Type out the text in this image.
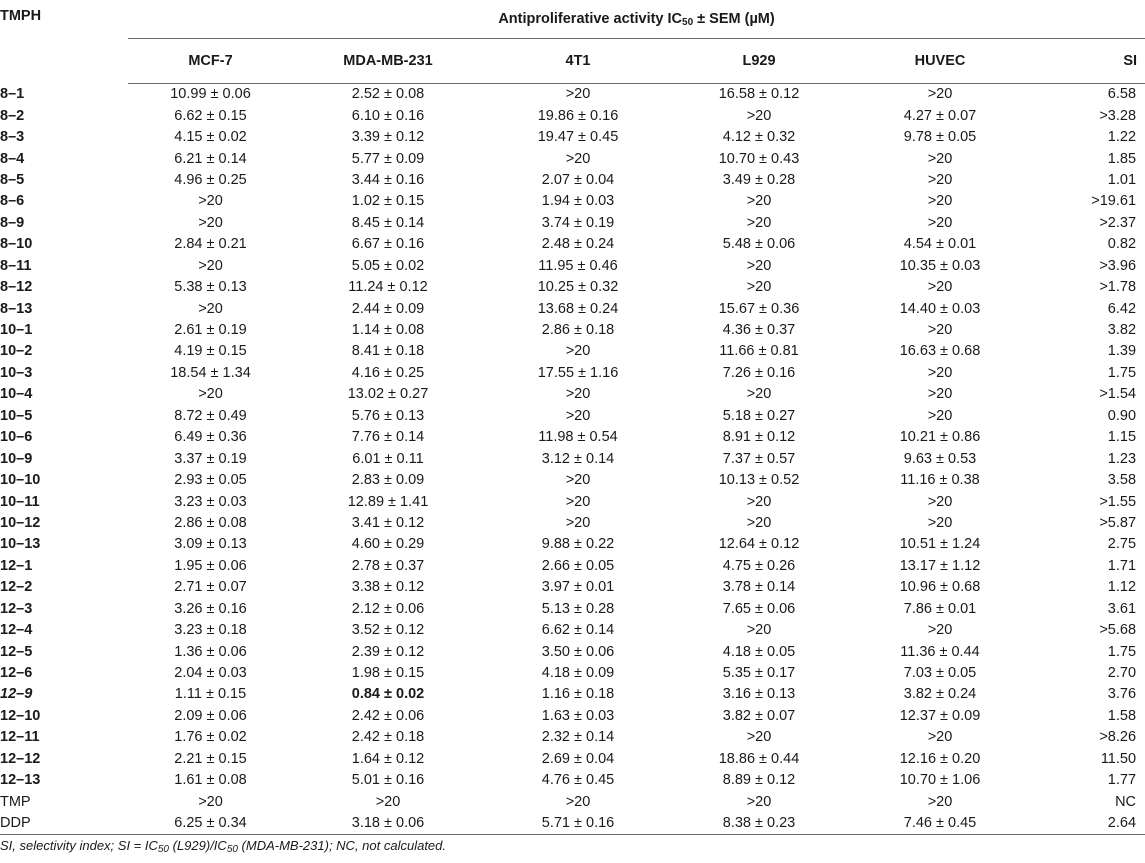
TMPH	Antiproliferative activity $IC_{50}$ ± SEM (µM)					
	MCF-7	MDA-MB-231	4T1	L929	HUVEC	SI
8–1	10.99 ± 0.06	2.52 ± 0.08	>20	16.58 ± 0.12	>20	6.58
8–2	6.62 ± 0.15	6.10 ± 0.16	19.86 ± 0.16	>20	4.27 ± 0.07	>3.28
8–3	4.15 ± 0.02	3.39 ± 0.12	19.47 ± 0.45	4.12 ± 0.32	9.78 ± 0.05	1.22
8–4	6.21 ± 0.14	5.77 ± 0.09	>20	10.70 ± 0.43	>20	1.85
8–5	4.96 ± 0.25	3.44 ± 0.16	2.07 ± 0.04	3.49 ± 0.28	>20	1.01
8–6	>20	1.02 ± 0.15	1.94 ± 0.03	>20	>20	>19.61
8–9	>20	8.45 ± 0.14	3.74 ± 0.19	>20	>20	>2.37
8–10	2.84 ± 0.21	6.67 ± 0.16	2.48 ± 0.24	5.48 ± 0.06	4.54 ± 0.01	0.82
8–11	>20	5.05 ± 0.02	11.95 ± 0.46	>20	10.35 ± 0.03	>3.96
8–12	5.38 ± 0.13	11.24 ± 0.12	10.25 ± 0.32	>20	>20	>1.78
8–13	>20	2.44 ± 0.09	13.68 ± 0.24	15.67 ± 0.36	14.40 ± 0.03	6.42
10–1	2.61 ± 0.19	1.14 ± 0.08	2.86 ± 0.18	4.36 ± 0.37	>20	3.82
10–2	4.19 ± 0.15	8.41 ± 0.18	>20	11.66 ± 0.81	16.63 ± 0.68	1.39
10–3	18.54 ± 1.34	4.16 ± 0.25	17.55 ± 1.16	7.26 ± 0.16	>20	1.75
10–4	>20	13.02 ± 0.27	>20	>20	>20	>1.54
10–5	8.72 ± 0.49	5.76 ± 0.13	>20	5.18 ± 0.27	>20	0.90
10–6	6.49 ± 0.36	7.76 ± 0.14	11.98 ± 0.54	8.91 ± 0.12	10.21 ± 0.86	1.15
10–9	3.37 ± 0.19	6.01 ± 0.11	3.12 ± 0.14	7.37 ± 0.57	9.63 ± 0.53	1.23
10–10	2.93 ± 0.05	2.83 ± 0.09	>20	10.13 ± 0.52	11.16 ± 0.38	3.58
10–11	3.23 ± 0.03	12.89 ± 1.41	>20	>20	>20	>1.55
10–12	2.86 ± 0.08	3.41 ± 0.12	>20	>20	>20	>5.87
10–13	3.09 ± 0.13	4.60 ± 0.29	9.88 ± 0.22	12.64 ± 0.12	10.51 ± 1.24	2.75
12–1	1.95 ± 0.06	2.78 ± 0.37	2.66 ± 0.05	4.75 ± 0.26	13.17 ± 1.12	1.71
12–2	2.71 ± 0.07	3.38 ± 0.12	3.97 ± 0.01	3.78 ± 0.14	10.96 ± 0.68	1.12
12–3	3.26 ± 0.16	2.12 ± 0.06	5.13 ± 0.28	7.65 ± 0.06	7.86 ± 0.01	3.61
12–4	3.23 ± 0.18	3.52 ± 0.12	6.62 ± 0.14	>20	>20	>5.68
12–5	1.36 ± 0.06	2.39 ± 0.12	3.50 ± 0.06	4.18 ± 0.05	11.36 ± 0.44	1.75
12–6	2.04 ± 0.03	1.98 ± 0.15	4.18 ± 0.09	5.35 ± 0.17	7.03 ± 0.05	2.70
12–9	1.11 ± 0.15	0.84 ± 0.02	1.16 ± 0.18	3.16 ± 0.13	3.82 ± 0.24	3.76
12–10	2.09 ± 0.06	2.42 ± 0.06	1.63 ± 0.03	3.82 ± 0.07	12.37 ± 0.09	1.58
12–11	1.76 ± 0.02	2.42 ± 0.18	2.32 ± 0.14	>20	>20	>8.26
12–12	2.21 ± 0.15	1.64 ± 0.12	2.69 ± 0.04	18.86 ± 0.44	12.16 ± 0.20	11.50
12–13	1.61 ± 0.08	5.01 ± 0.16	4.76 ± 0.45	8.89 ± 0.12	10.70 ± 1.06	1.77
TMP	>20	>20	>20	>20	>20	NC
DDP	6.25 ± 0.34	3.18 ± 0.06	5.71 ± 0.16	8.38 ± 0.23	7.46 ± 0.45	2.64
SI, selectivity index; SI = $IC_{50}$ $(L929)/IC_{50}$ (MDA-MB-231); NC, not calculated.
